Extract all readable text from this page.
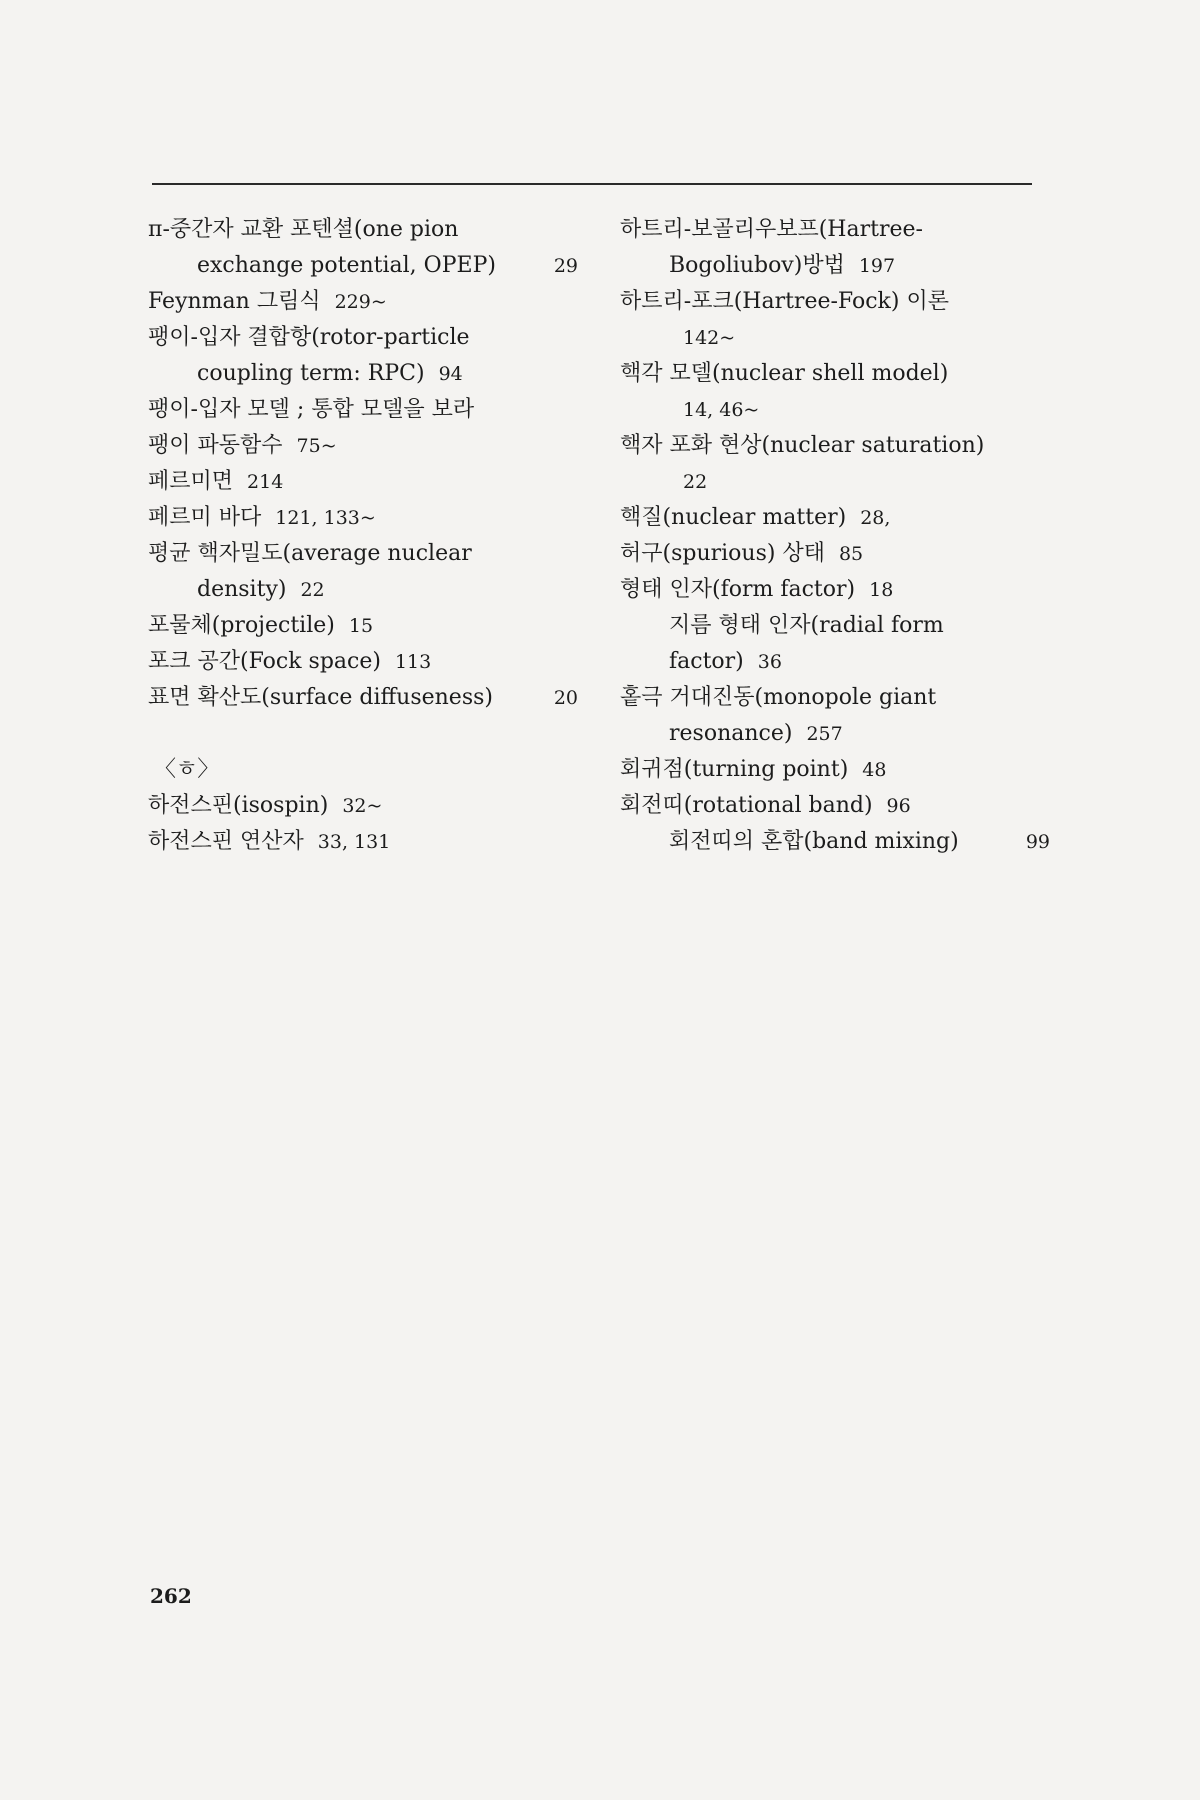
π-중간자 교환 포텐셜(one pion
exchange potential, OPEP)	29
Feynman 그림식 229~
팽이-입자 결합항(rotor-particle
coupling term: RPC) 94
팽이-입자 모델 ; 통합 모델을 보라
팽이 파동함수 75~
페르미면 214
페르미 바다 121, 133~
평균 핵자밀도(average nuclear
density) 22
포물체(projectile) 15
포크 공간(Fock space) 113
표면 확산도(surface diffuseness)	20
〈ㅎ〉
하전스핀(isospin) 32~
하전스핀 연산자 33, 131
하트리-보골리우보프(Hartree-
Bogoliubov)방법 197
하트리-포크(Hartree-Fock) 이론
142~
핵각 모델(nuclear shell model)
14, 46~
핵자 포화 현상(nuclear saturation)
22
핵질(nuclear matter) 28,
허구(spurious) 상태 85
형태 인자(form factor) 18
지름 형태 인자(radial form
factor) 36
홑극 거대진동(monopole giant
resonance) 257
회귀점(turning point) 48
회전띠(rotational band) 96
회전띠의 혼합(band mixing)	99
262
